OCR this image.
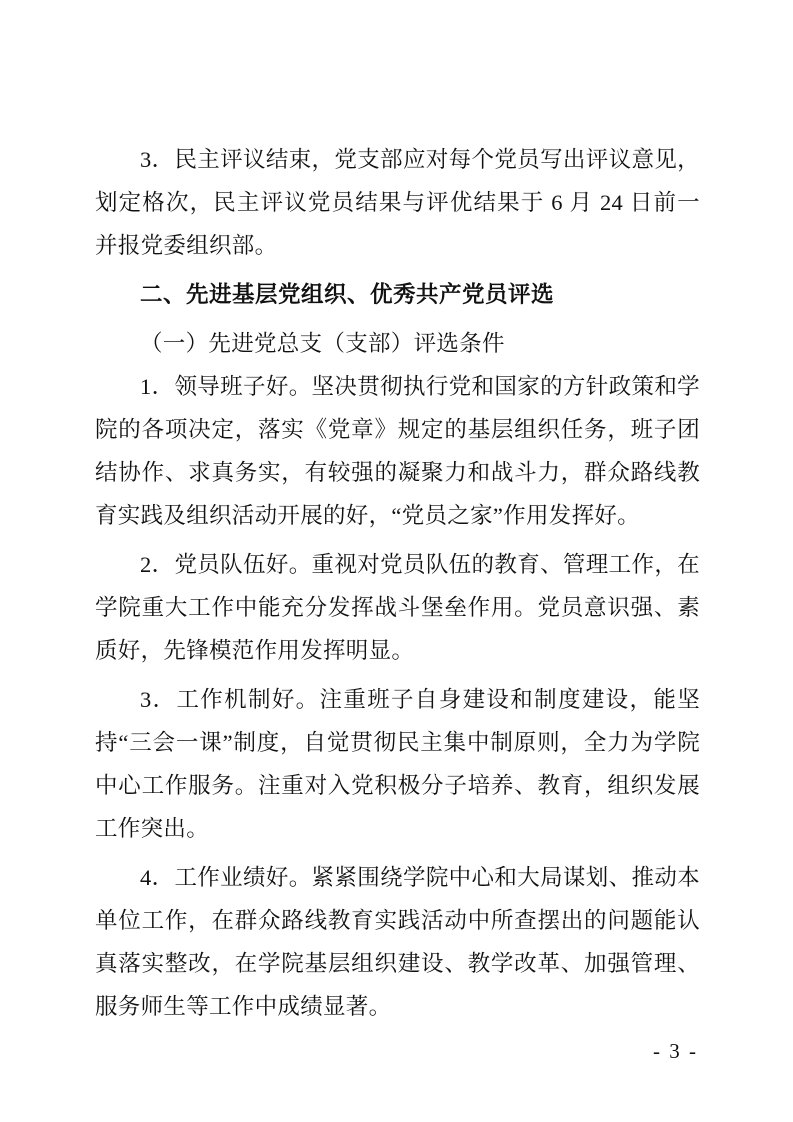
3．民主评议结束，党支部应对每个党员写出评议意见，划定格次，民主评议党员结果与评优结果于 6 月 24 日前一并报党委组织部。

二、先进基层党组织、优秀共产党员评选

（一）先进党总支（支部）评选条件

1．领导班子好。坚决贯彻执行党和国家的方针政策和学院的各项决定，落实《党章》规定的基层组织任务，班子团结协作、求真务实，有较强的凝聚力和战斗力，群众路线教育实践及组织活动开展的好，“党员之家”作用发挥好。

2．党员队伍好。重视对党员队伍的教育、管理工作，在学院重大工作中能充分发挥战斗堡垒作用。党员意识强、素质好，先锋模范作用发挥明显。

3．工作机制好。注重班子自身建设和制度建设，能坚持“三会一课”制度，自觉贯彻民主集中制原则，全力为学院中心工作服务。注重对入党积极分子培养、教育，组织发展工作突出。

4．工作业绩好。紧紧围绕学院中心和大局谋划、推动本单位工作，在群众路线教育实践活动中所查摆出的问题能认真落实整改，在学院基层组织建设、教学改革、加强管理、服务师生等工作中成绩显著。

- 3 -
